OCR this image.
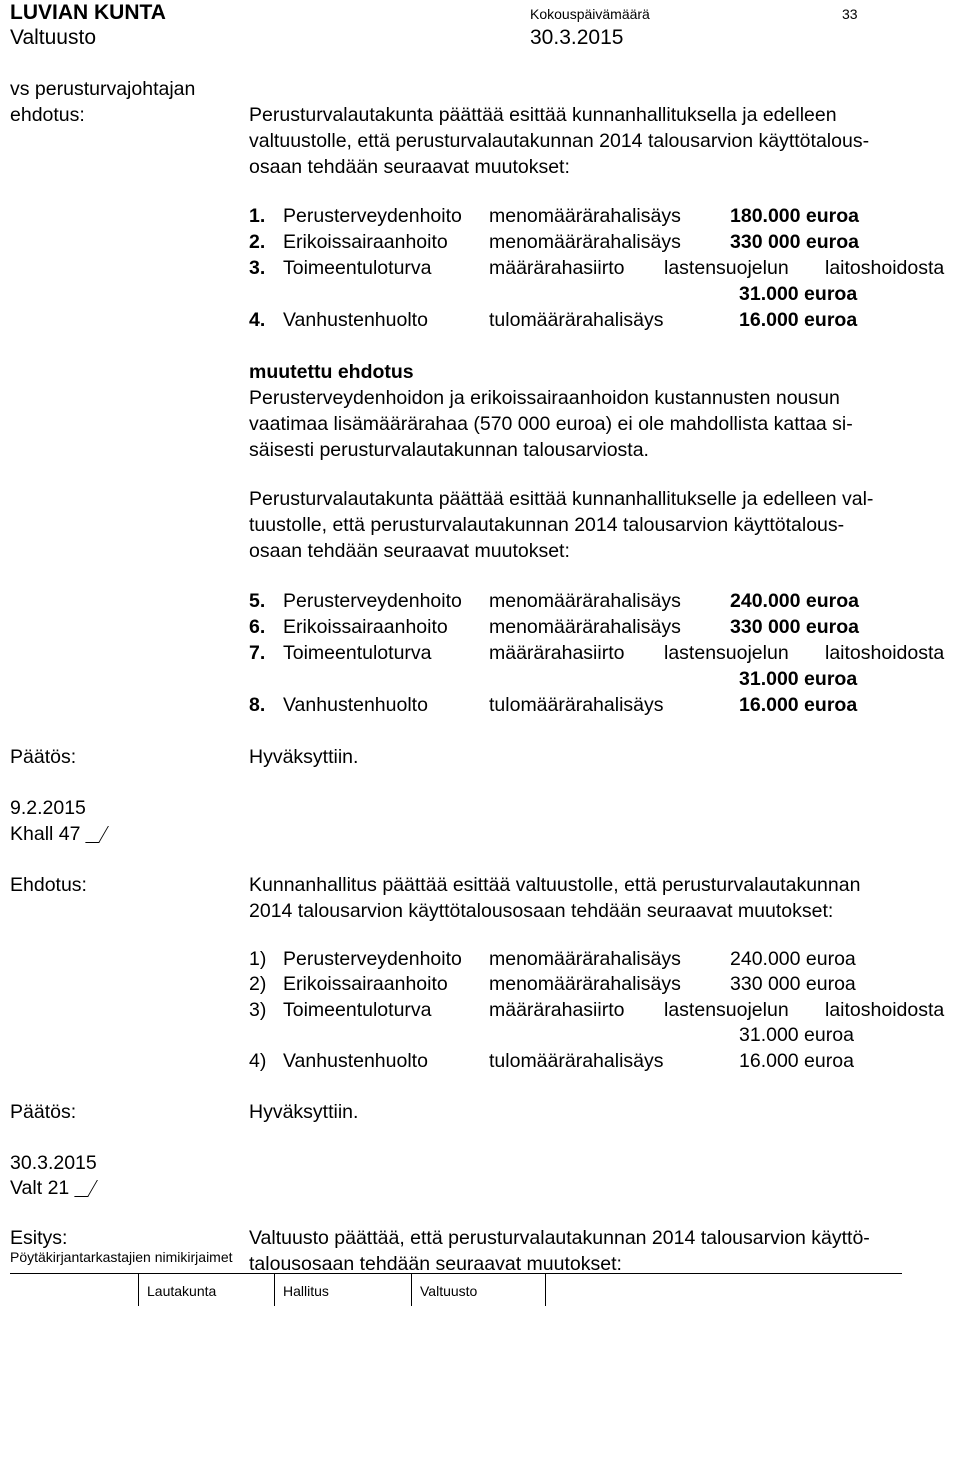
LUVIAN KUNTA	Kokouspäivämäärä	33
Valtuusto	30.3.2015
vs perusturvajohtajan
ehdotus:	Perusturvalautakunta päättää esittää kunnanhallituksella ja edelleen
valtuustolle, että perusturvalautakunnan 2014 talousarvion käyttötalous-
osaan tehdään seuraavat muutokset:
1. Perusterveydenhoito menomäärärahalisäys	180.000 euroa
2. Erikoissairaanhoito menomäärärahalisäys	330 000 euroa
3. Toimeentuloturva	määrärahasiirto lastensuojelun laitoshoidosta
31.000 euroa
4. Vanhustenhuolto	tulomäärärahalisäys	16.000 euroa
muutettu ehdotus
Perusterveydenhoidon ja erikoissairaanhoidon kustannusten nousun
vaatimaa lisämäärärahaa (570 000 euroa) ei ole mahdollista kattaa si-
säisesti perusturvalautakunnan talousarviosta.
Perusturvalautakunta päättää esittää kunnanhallitukselle ja edelleen val-
tuustolle, että perusturvalautakunnan 2014 talousarvion käyttötalous-
osaan tehdään seuraavat muutokset:
5. Perusterveydenhoito menomäärärahalisäys	240.000 euroa
6. Erikoissairaanhoito menomäärärahalisäys	330 000 euroa
7. Toimeentuloturva	määrärahasiirto lastensuojelun laitoshoidosta
31.000 euroa
8. Vanhustenhuolto	tulomäärärahalisäys	16.000 euroa
Päätös:	Hyväksyttiin.
9.2.2015
Khall 47
Ehdotus:	Kunnanhallitus päättää esittää valtuustolle, että perusturvalautakunnan
2014 talousarvion käyttötalousosaan tehdään seuraavat muutokset:
1) Perusterveydenhoito menomäärärahalisäys	240.000 euroa
2) Erikoissairaanhoito menomäärärahalisäys	330 000 euroa
3) Toimeentuloturva	määrärahasiirto lastensuojelun laitoshoidosta
31.000 euroa
4) Vanhustenhuolto	tulomäärärahalisäys	16.000 euroa
Päätös:	Hyväksyttiin.
30.3.2015
Valt 21
Esitys:	Valtuusto päättää, että perusturvalautakunnan 2014 talousarvion käyttö-
talousosaan tehdään seuraavat muutokset:
Pöytäkirjantarkastajien nimikirjaimet
Lautakunta	Hallitus	Valtuusto
